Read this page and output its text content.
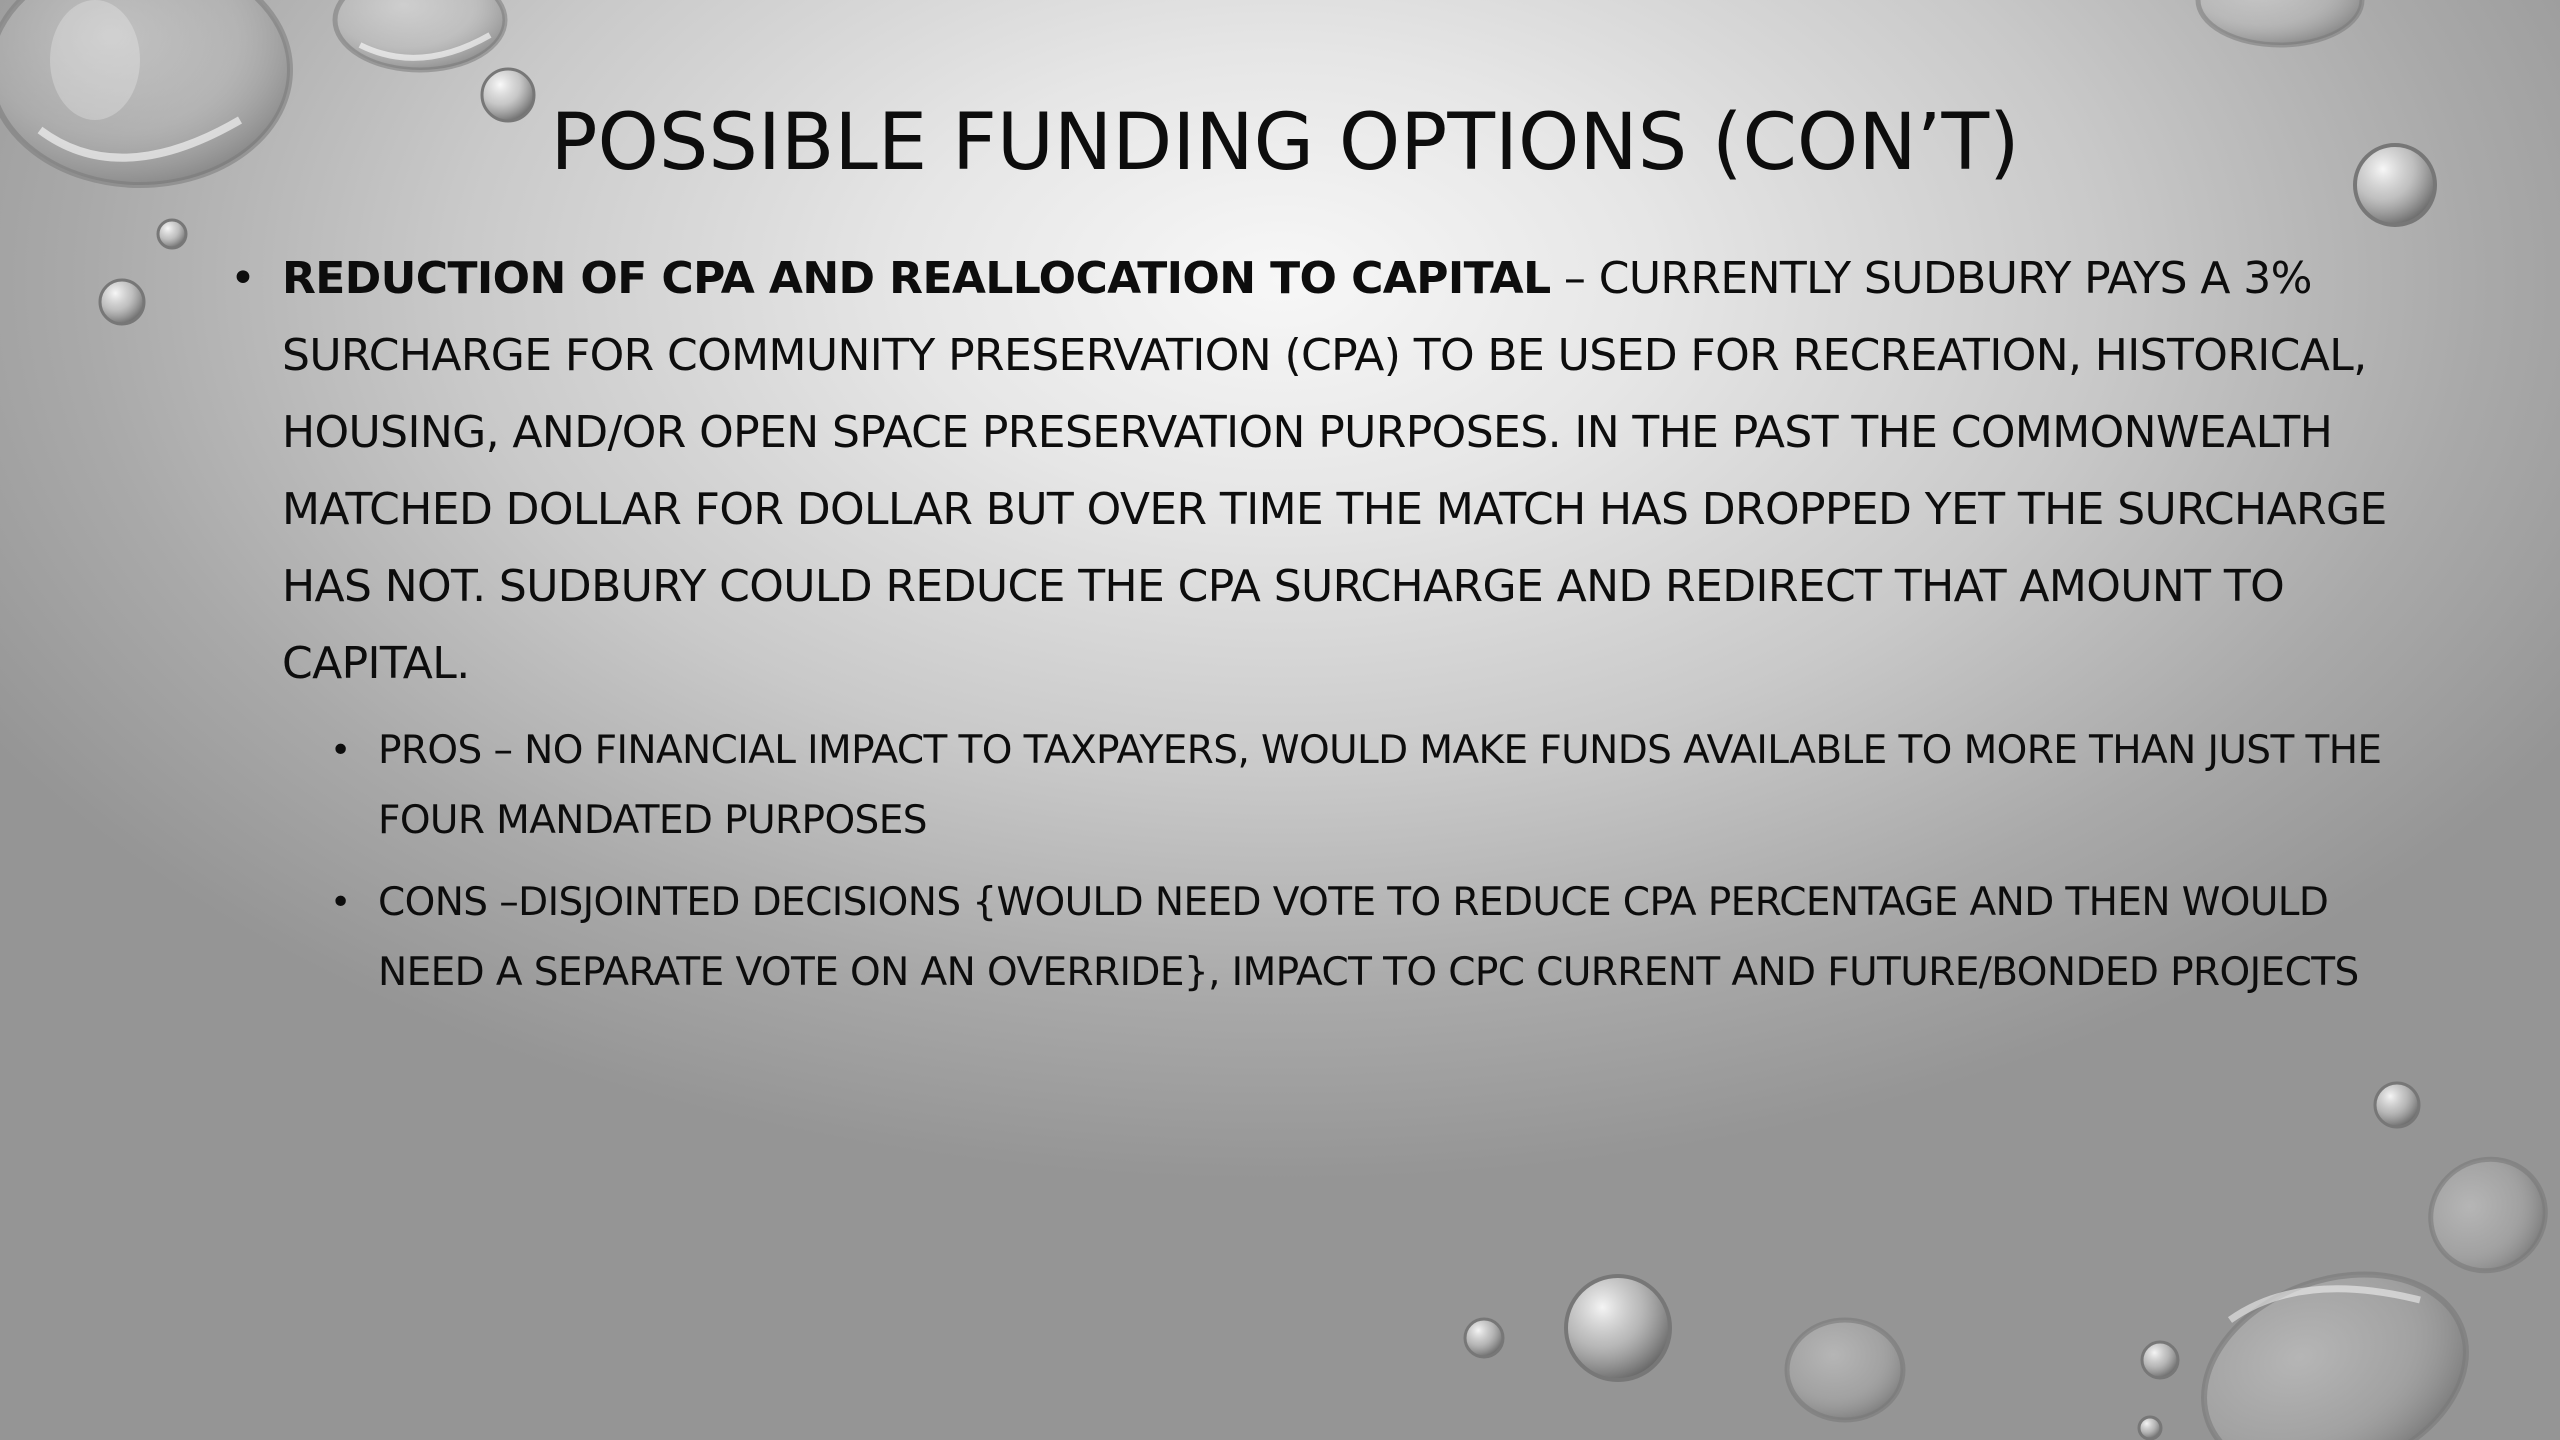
POSSIBLE FUNDING OPTIONS (CON’T)
• REDUCTION OF CPA AND REALLOCATION TO CAPITAL – CURRENTLY SUDBURY PAYS A 3% SURCHARGE FOR COMMUNITY PRESERVATION (CPA) TO BE USED FOR RECREATION, HISTORICAL, HOUSING, AND/OR OPEN SPACE PRESERVATION PURPOSES. IN THE PAST THE COMMONWEALTH MATCHED DOLLAR FOR DOLLAR BUT OVER TIME THE MATCH HAS DROPPED YET THE SURCHARGE HAS NOT. SUDBURY COULD REDUCE THE CPA SURCHARGE AND REDIRECT THAT AMOUNT TO CAPITAL.
• PROS – NO FINANCIAL IMPACT TO TAXPAYERS, WOULD MAKE FUNDS AVAILABLE TO MORE THAN JUST THE FOUR MANDATED PURPOSES
• CONS –DISJOINTED DECISIONS {WOULD NEED VOTE TO REDUCE CPA PERCENTAGE AND THEN WOULD NEED A SEPARATE VOTE ON AN OVERRIDE}, IMPACT TO CPC CURRENT AND FUTURE/BONDED PROJECTS
